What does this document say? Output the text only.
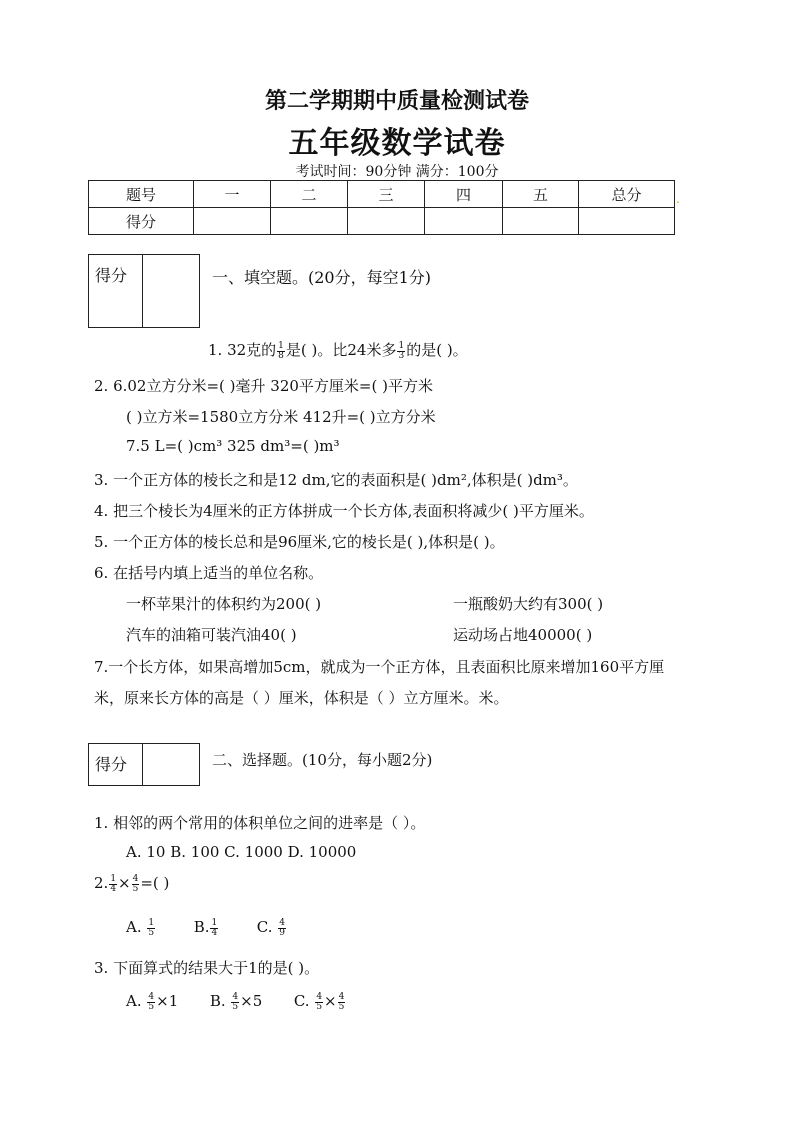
第二学期期中质量检测试卷
五年级数学试卷
考试时间：90分钟 满分：100分
题号	一	二	三	四	五	总分
得分						
.
得分	一、填空题。(20分，每空1分)
1. 32克的 $\frac{1}{8}$ 是( )。比24米多 $\frac{1}{3}$ 的是( )。
2. 6.02立方分米=( )毫升 320平方厘米=( )平方米
( )立方米=1580立方分米 412升=( )立方分米
7.5 L=( )cm³ 325 dm³=( )m³
3. 一个正方体的棱长之和是12 dm,它的表面积是( )dm²,体积是( )dm³。
4. 把三个棱长为4厘米的正方体拼成一个长方体,表面积将减少( )平方厘米。
5. 一个正方体的棱长总和是96厘米,它的棱长是( ),体积是( )。
6. 在括号内填上适当的单位名称。
一杯苹果汁的体积约为200( )	一瓶酸奶大约有300( )
汽车的油箱可装汽油40( )	运动场占地40000( )
7.一个长方体，如果高增加5cm，就成为一个正方体，且表面积比原来增加160平方厘
米，原来长方体的高是（ ）厘米，体积是（ ）立方厘米。米。
得分	二、选择题。(10分，每小题2分)
1. 相邻的两个常用的体积单位之间的进率是（ ）。
A. 10 B. 100 C. 1000 D. 10000
2. $\frac{1}{4} \times \frac{4}{5}$ =( )
A. $\frac{1}{5}$	B. $\frac{1}{4}$	C. $\frac{4}{9}$
3. 下面算式的结果大于1的是( )。
A. $\frac{4}{5} \times 1$ B. $\frac{4}{5} \times 5$ C. $\frac{4}{5} \times \frac{4}{5}$
